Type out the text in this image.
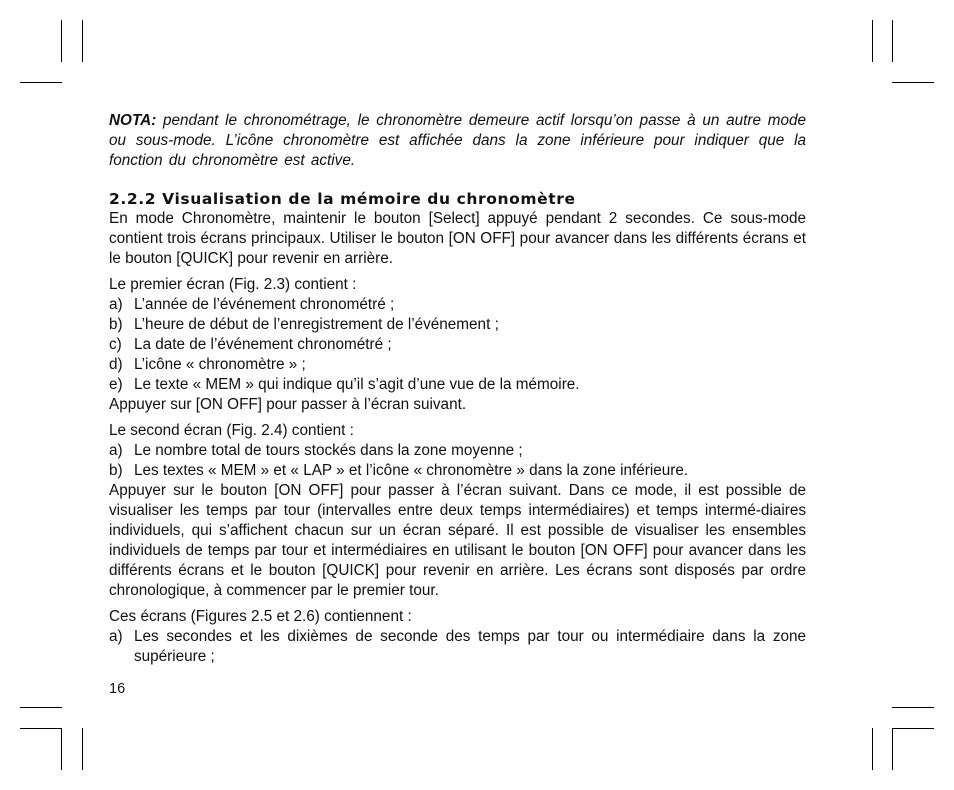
NOTA: pendant le chronométrage, le chronomètre demeure actif lorsqu’on passe à un autre mode ou sous-mode. L’icône chronomètre est affichée dans la zone inférieure pour indiquer que la fonction du chronomètre est active.

2.2.2 Visualisation de la mémoire du chronomètre

En mode Chronomètre, maintenir le bouton [Select] appuyé pendant 2 secondes. Ce sous-mode contient trois écrans principaux. Utiliser le bouton [ON OFF] pour avancer dans les différents écrans et le bouton [QUICK] pour revenir en arrière.

Le premier écran (Fig. 2.3) contient :

a) L’année de l’événement chronométré ;
b) L’heure de début de l’enregistrement de l’événement ;
c) La date de l’événement chronométré ;
d) L’icône « chronomètre » ;
e) Le texte « MEM » qui indique qu’il s’agit d’une vue de la mémoire.

Appuyer sur [ON OFF] pour passer à l’écran suivant.

Le second écran (Fig. 2.4) contient :

a) Le nombre total de tours stockés dans la zone moyenne ;
b) Les textes « MEM » et « LAP » et l’icône « chronomètre » dans la zone inférieure.

Appuyer sur le bouton [ON OFF] pour passer à l’écran suivant. Dans ce mode, il est possible de visualiser les temps par tour (intervalles entre deux temps intermédiaires) et temps intermé-diaires individuels, qui s’affichent chacun sur un écran séparé. Il est possible de visualiser les ensembles individuels de temps par tour et intermédiaires en utilisant le bouton [ON OFF] pour avancer dans les différents écrans et le bouton [QUICK] pour revenir en arrière. Les écrans sont disposés par ordre chronologique, à commencer par le premier tour.

Ces écrans (Figures 2.5 et 2.6) contiennent :

a) Les secondes et les dixièmes de seconde des temps par tour ou intermédiaire dans la zone supérieure ;
16
